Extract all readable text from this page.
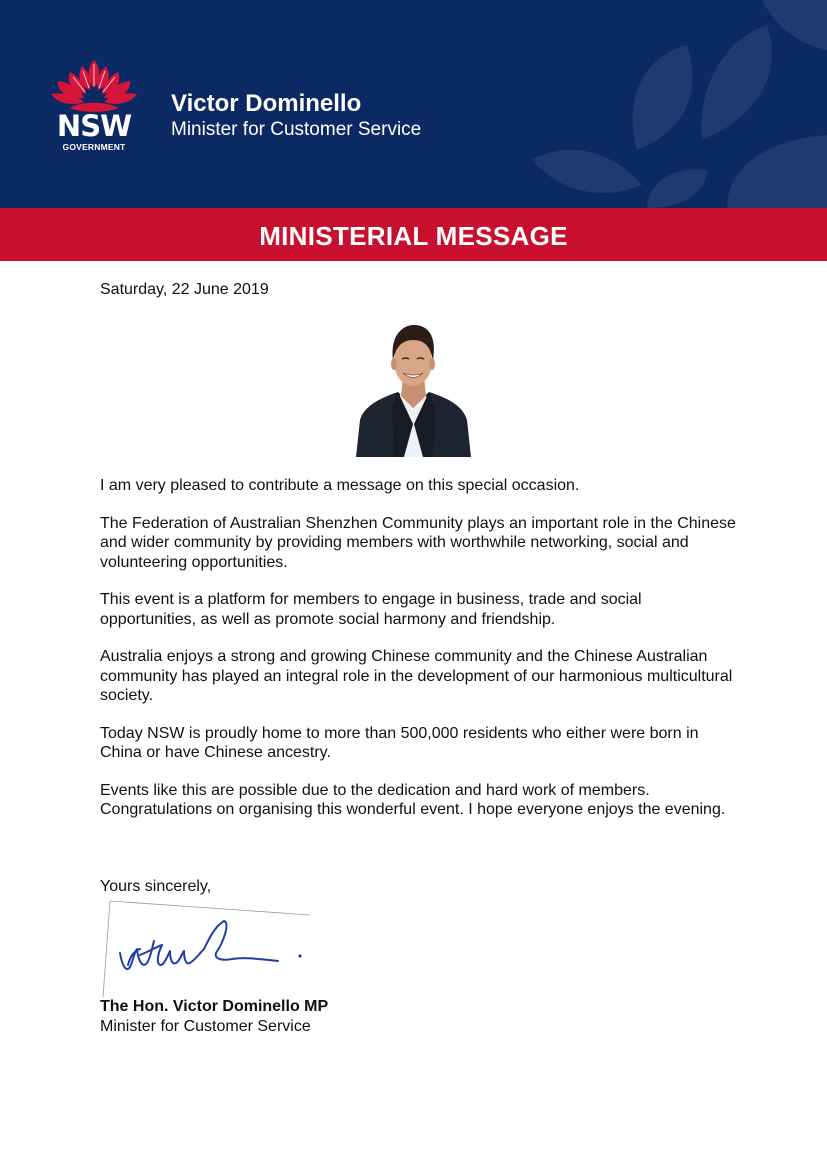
NSW
GOVERNMENT
Victor Dominello
Minister for Customer Service
MINISTERIAL MESSAGE
Saturday, 22 June 2019

I am very pleased to contribute a message on this special occasion.

The Federation of Australian Shenzhen Community plays an important role in the Chinese and wider community by providing members with worthwhile networking, social and volunteering opportunities.

This event is a platform for members to engage in business, trade and social opportunities, as well as promote social harmony and friendship.

Australia enjoys a strong and growing Chinese community and the Chinese Australian community has played an integral role in the development of our harmonious multicultural society.

Today NSW is proudly home to more than 500,000 residents who either were born in China or have Chinese ancestry.

Events like this are possible due to the dedication and hard work of members. Congratulations on organising this wonderful event. I hope everyone enjoys the evening.

Yours sincerely,
The Hon. Victor Dominello MP
Minister for Customer Service
